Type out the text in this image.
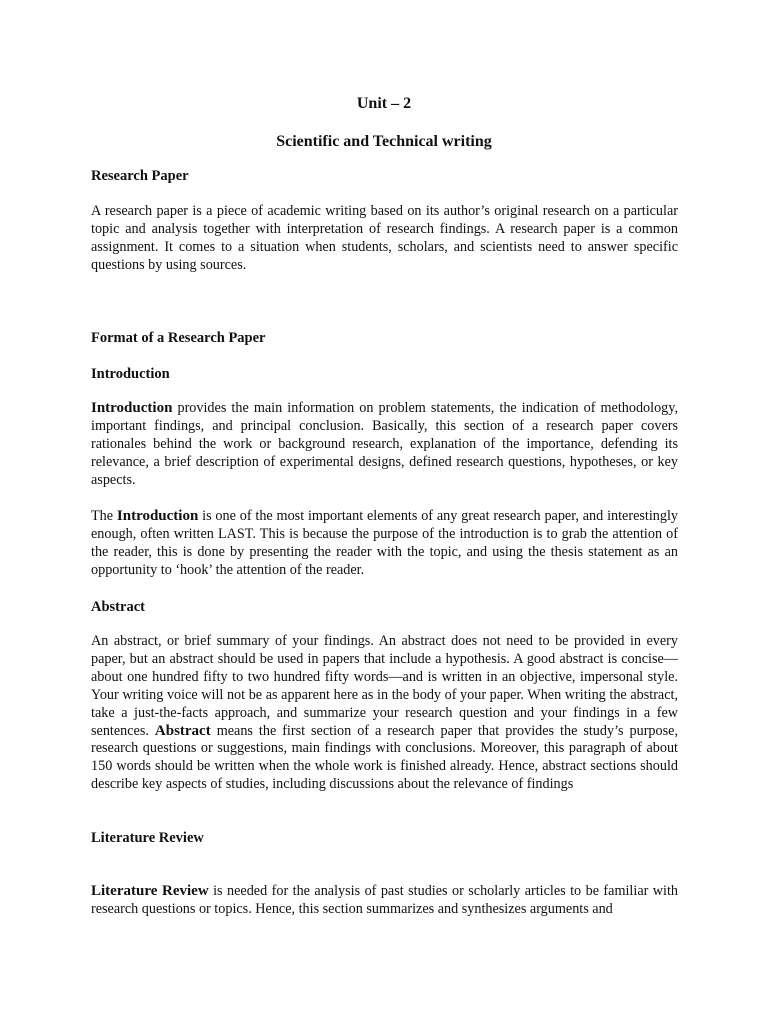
Unit – 2
Scientific and Technical writing
Research Paper

A research paper is a piece of academic writing based on its author’s original research on a particular topic and analysis together with interpretation of research findings. A research paper is a common assignment. It comes to a situation when students, scholars, and scientists need to answer specific questions by using sources.

Format of a Research Paper
Introduction

Introduction provides the main information on problem statements, the indication of methodology, important findings, and principal conclusion. Basically, this section of a research paper covers rationales behind the work or background research, explanation of the importance, defending its relevance, a brief description of experimental designs, defined research questions, hypotheses, or key aspects.

The Introduction is one of the most important elements of any great research paper, and interestingly enough, often written LAST. This is because the purpose of the introduction is to grab the attention of the reader, this is done by presenting the reader with the topic, and using the thesis statement as an opportunity to ‘hook’ the attention of the reader.

Abstract

An abstract, or brief summary of your findings. An abstract does not need to be provided in every paper, but an abstract should be used in papers that include a hypothesis. A good abstract is concise—about one hundred fifty to two hundred fifty words—and is written in an objective, impersonal style. Your writing voice will not be as apparent here as in the body of your paper. When writing the abstract, take a just-the-facts approach, and summarize your research question and your findings in a few sentences. Abstract means the first section of a research paper that provides the study’s purpose, research questions or suggestions, main findings with conclusions. Moreover, this paragraph of about 150 words should be written when the whole work is finished already. Hence, abstract sections should describe key aspects of studies, including discussions about the relevance of findings

Literature Review

Literature Review is needed for the analysis of past studies or scholarly articles to be familiar with research questions or topics. Hence, this section summarizes and synthesizes arguments and
